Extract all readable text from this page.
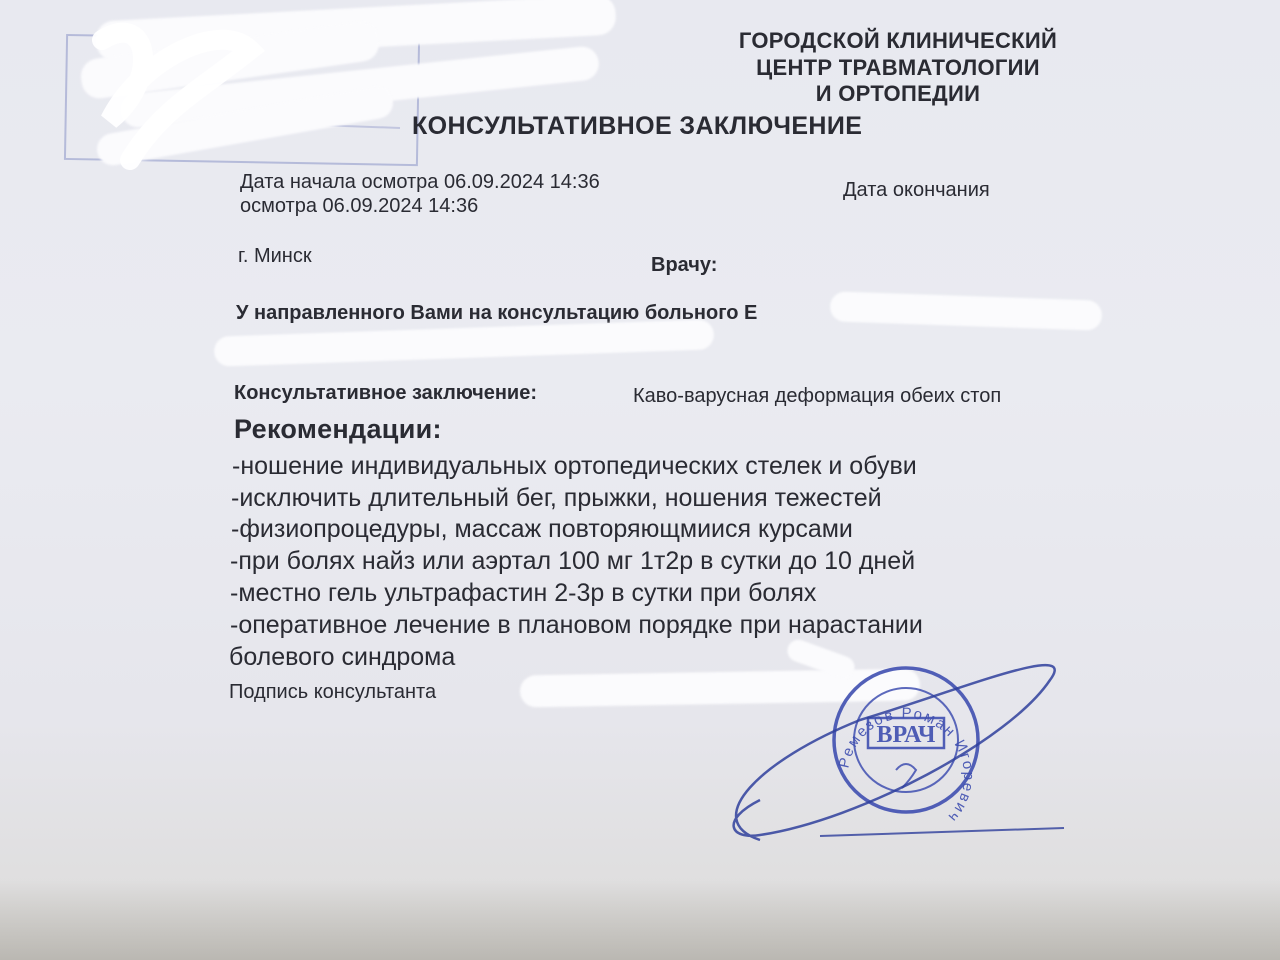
ГОРОДСКОЙ КЛИНИЧЕСКИЙ
ЦЕНТР ТРАВМАТОЛОГИИ
И ОРТОПЕДИИ
КОНСУЛЬТАТИВНОЕ ЗАКЛЮЧЕНИЕ
Дата начала осмотра 06.09.2024 14:36
осмотра 06.09.2024 14:36
Дата окончания
г. Минск	Врачу:
У направленного Вами на консультацию больного Е
Консультативное заключение:	Каво-варусная деформация обеих стоп
Рекомендации:
-ношение индивидуальных ортопедических стелек и обуви
-исключить длительный бег, прыжки, ношения тежестей
-физиопроцедуры, массаж повторяющмиися курсами
-при болях найз или аэртал 100 мг 1т2р в сутки до 10 дней
-местно гель ультрафастин 2-3р в сутки при болях
-оперативное лечение в плановом порядке при нарастании
болевого синдрома
Подпись консультанта
Ремезов Роман Игоревич
ВРАЧ
